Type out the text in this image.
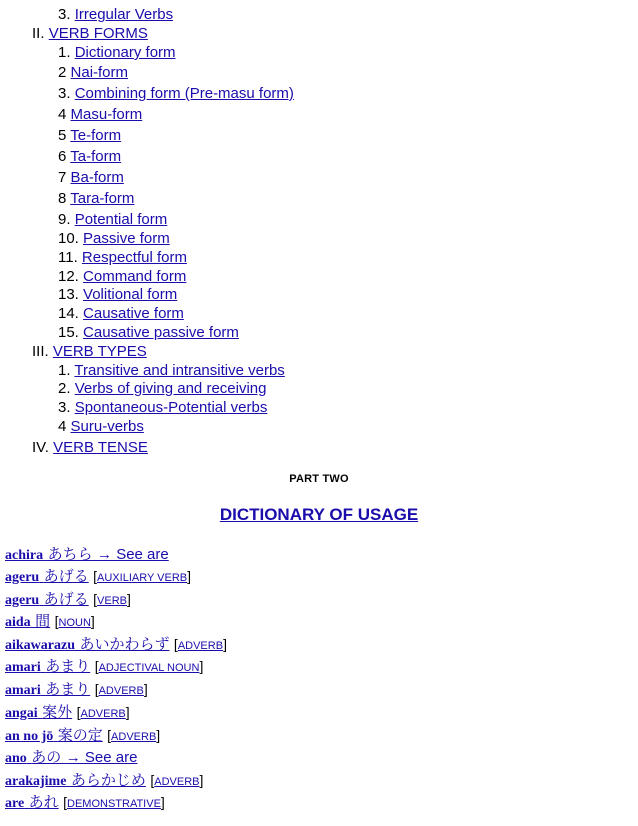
3. Irregular Verbs
II. VERB FORMS
1. Dictionary form
2 Nai-form
3. Combining form (Pre-masu form)
4 Masu-form
5 Te-form
6 Ta-form
7 Ba-form
8 Tara-form
9. Potential form
10. Passive form
11. Respectful form
12. Command form
13. Volitional form
14. Causative form
15. Causative passive form
III. VERB TYPES
1. Transitive and intransitive verbs
2. Verbs of giving and receiving
3. Spontaneous-Potential verbs
4 Suru-verbs
IV. VERB TENSE
PART TWO
DICTIONARY OF USAGE
achira あちら → See are
ageru あげる [AUXILIARY VERB]
ageru あげる [VERB]
aida 間 [NOUN]
aikawarazu あいかわらず [ADVERB]
amari あまり [ADJECTIVAL NOUN]
amari あまり [ADVERB]
angai 案外 [ADVERB]
an no jō 案の定 [ADVERB]
ano あの → See are
arakajime あらかじめ [ADVERB]
are あれ [DEMONSTRATIVE]
